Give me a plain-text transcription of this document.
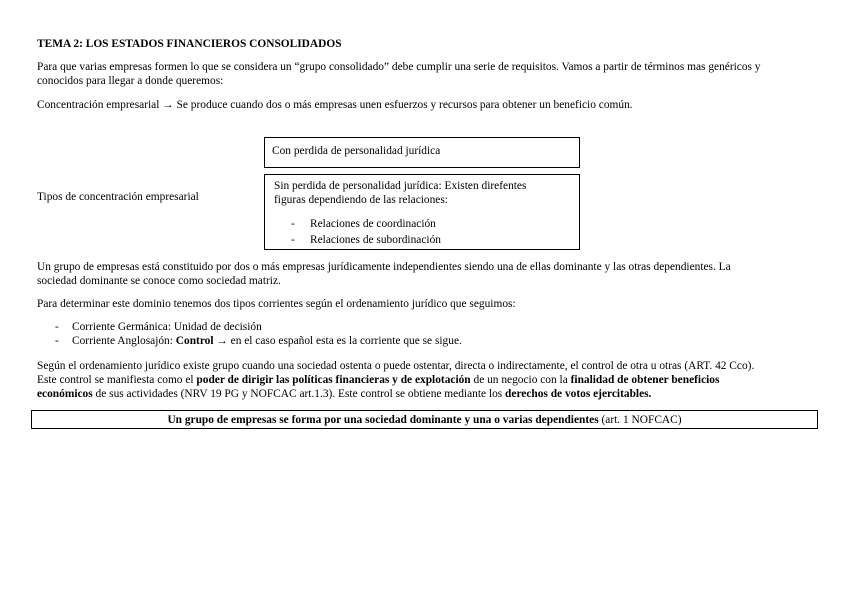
TEMA 2: LOS ESTADOS FINANCIEROS CONSOLIDADOS
Para que varias empresas formen lo que se considera un “grupo consolidado” debe cumplir una serie de requisitos. Vamos a partir de términos mas genéricos y
conocidos para llegar a donde queremos:
Concentración empresarial → Se produce cuando dos o más empresas unen esfuerzos y recursos para obtener un beneficio común.
Con perdida de personalidad jurídica
Tipos de concentración empresarial
Sin perdida de personalidad jurídica: Existen direfentes
figuras dependiendo de las relaciones:
- Relaciones de coordinación
- Relaciones de subordinación
Un grupo de empresas está constituido por dos o más empresas jurídicamente independientes siendo una de ellas dominante y las otras dependientes. La
sociedad dominante se conoce como sociedad matriz.
Para determinar este dominio tenemos dos tipos corrientes según el ordenamiento jurídico que seguimos:
- Corriente Germánica: Unidad de decisión
- Corriente Anglosajón: Control → en el caso español esta es la corriente que se sigue.
Según el ordenamiento jurídico existe grupo cuando una sociedad ostenta o puede ostentar, directa o indirectamente, el control de otra u otras (ART. 42 Cco).
Este control se manifiesta como el poder de dirigir las políticas financieras y de explotación de un negocio con la finalidad de obtener beneficios
económicos de sus actividades (NRV 19 PG y NOFCAC art.1.3). Este control se obtiene mediante los derechos de votos ejercitables.
Un grupo de empresas se forma por una sociedad dominante y una o varias dependientes (art. 1 NOFCAC)
